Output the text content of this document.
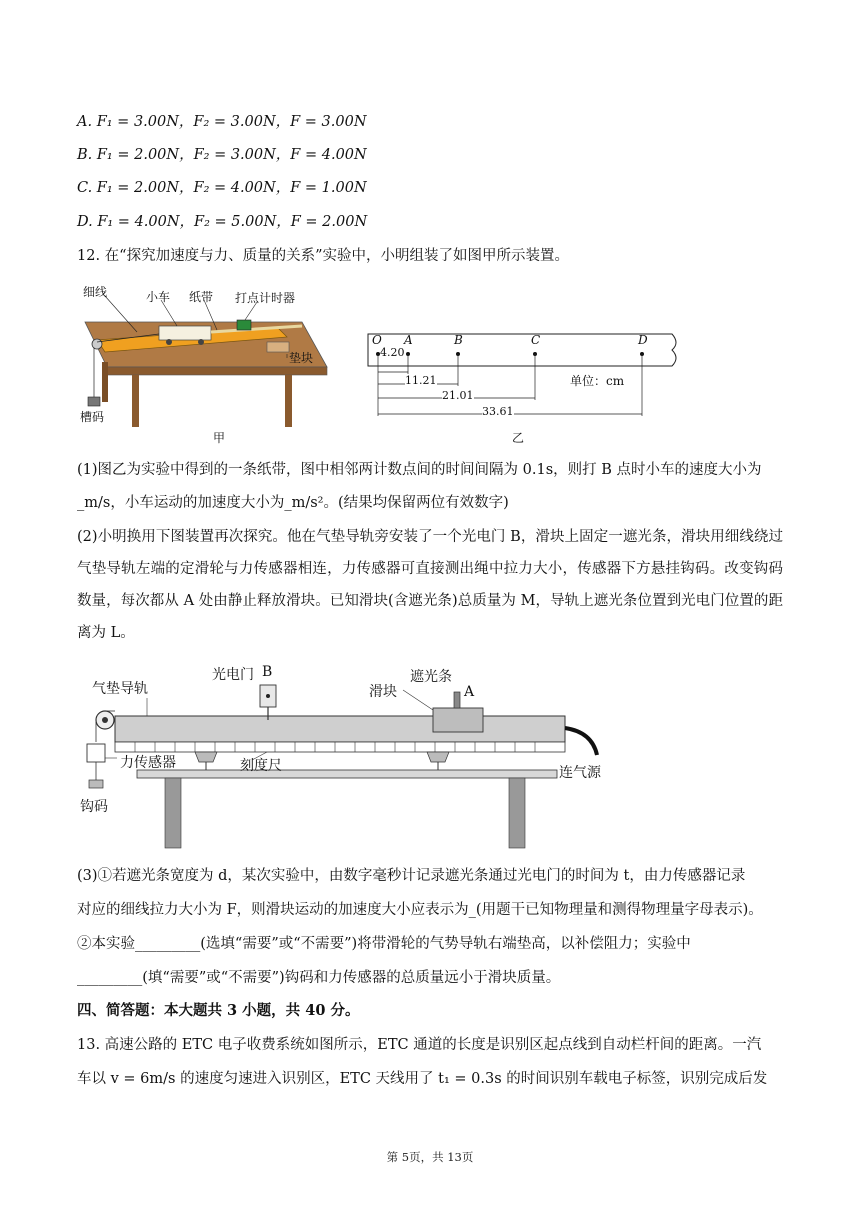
A. F₁ = 3.00N，F₂ = 3.00N，F = 3.00N
B. F₁ = 2.00N，F₂ = 3.00N，F = 4.00N
C. F₁ = 2.00N，F₂ = 4.00N，F = 1.00N
D. F₁ = 4.00N，F₂ = 5.00N，F = 2.00N
12. 在“探究加速度与力、质量的关系”实验中，小明组装了如图甲所示装置。
细线	小车 纸带 打点计时器
垫块
槽码
甲
O A	B	C	D
4.20
11.21
21.01
33.61
单位：cm
乙
(1)图乙为实验中得到的一条纸带，图中相邻两计数点间的时间间隔为 0.1s，则打 B 点时小车的速度大小为
_m/s，小车运动的加速度大小为_m/s²。(结果均保留两位有效数字)
(2)小明换用下图装置再次探究。他在气垫导轨旁安装了一个光电门 B，滑块上固定一遮光条，滑块用细线绕过气垫导轨左端的定滑轮与力传感器相连，力传感器可直接测出绳中拉力大小，传感器下方悬挂钩码。改变钩码数量，每次都从 A 处由静止释放滑块。已知滑块(含遮光条)总质量为 M，导轨上遮光条位置到光电门位置的距离为 L。
气垫导轨
光电门 B	遮光条
滑块	A
力传感器	刻度尺	连气源
钩码
(3)①若遮光条宽度为 d，某次实验中，由数字毫秒计记录遮光条通过光电门的时间为 t，由力传感器记录
对应的细线拉力大小为 F，则滑块运动的加速度大小应表示为_(用题干已知物理量和测得物理量字母表示)。
②本实验_________(选填“需要”或“不需要”)将带滑轮的气势导轨右端垫高，以补偿阻力；实验中
_________(填“需要”或“不需要”)钩码和力传感器的总质量远小于滑块质量。
四、简答题：本大题共 3 小题，共 40 分。
13. 高速公路的 ETC 电子收费系统如图所示，ETC 通道的长度是识别区起点线到自动栏杆间的距离。一汽
车以 v = 6m/s 的速度匀速进入识别区，ETC 天线用了 t₁ = 0.3s 的时间识别车载电子标签，识别完成后发
第 5页，共 13页
